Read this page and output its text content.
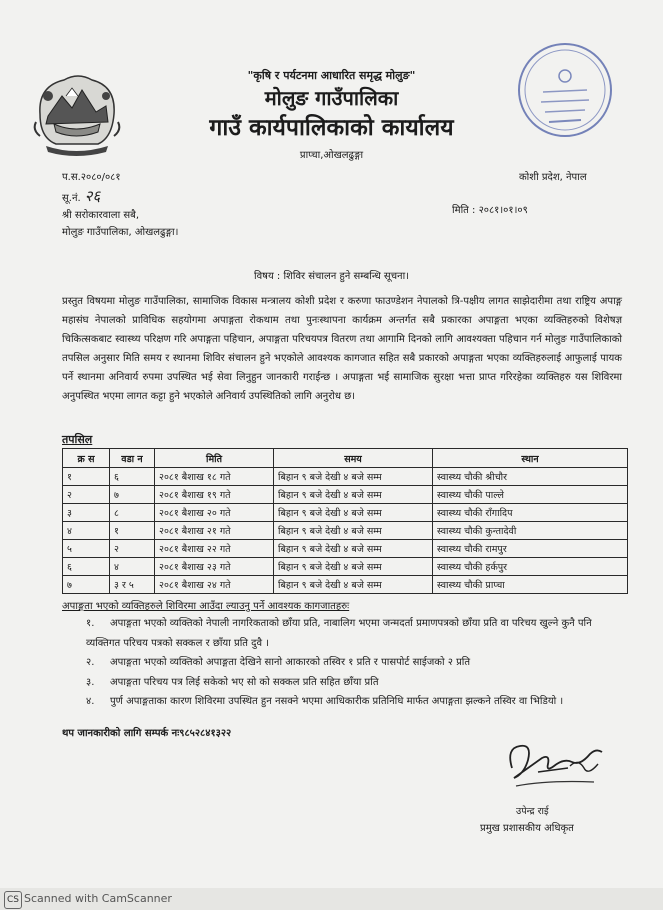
"कृषि र पर्यटनमा आधारित समृद्ध मोलुङ"
मोलुङ गाउँपालिका
गाउँ कार्यपालिकाको कार्यालय
प्राप्चा,ओखलढुङ्गा
प.स.२०८०/०८१	कोशी प्रदेश, नेपाल
सू.नं. २६
श्री सरोकारवाला सबै,
मोलुङ गाउँपालिका, ओखलढुङ्गा।
मिति : २०८१।०१।०९
विषय : शिविर संचालन हुने सम्बन्धि सूचना।
प्रस्तुत विषयमा मोलुङ गाउँपालिका, सामाजिक विकास मन्त्रालय कोशी प्रदेश र करुणा फाउण्डेशन नेपालको त्रि-पक्षीय लागत साझेदारीमा तथा राष्ट्रिय अपाङ्ग महासंघ नेपालको प्राविधिक सहयोगमा अपाङ्गता रोकथाम तथा पुनःस्थापना कार्यक्रम अन्तर्गत सबै प्रकारका अपाङ्गता भएका व्यक्तिहरुको विशेषज्ञ चिकित्सकबाट स्वास्थ्य परिक्षण गरि अपाङ्गता पहिचान, अपाङ्गता परिचयपत्र वितरण तथा आगामि दिनको लागि आवश्यक्ता पहिचान गर्न मोलुङ गाउँपालिकाको तपसिल अनुसार मिति समय र स्थानमा शिविर संचालन हुने भएकोले आवश्यक कागजात सहित सबै प्रकारको अपाङ्गता भएका व्यक्तिहरुलाई आफुलाई पायक पर्ने स्थानमा अनिवार्य रुपमा उपस्थित भई सेवा लिनुहुन जानकारी गराईन्छ । अपाङ्गता भई सामाजिक सुरक्षा भत्ता प्राप्त गरिरहेका व्यक्तिहरु यस शिविरमा अनुपस्थित भएमा लागत कट्टा हुने भएकोले अनिवार्य उपस्थितिको लागि अनुरोध छ।
तपसिल
क्र स	वडा न	मिति	समय	स्थान
१	६	२०८१ बैशाख १८ गते	बिहान ९ बजे देखी ४ बजे सम्म	स्वास्थ्य चौकी श्रीचौर
२	७	२०८१ बैशाख १९ गते	बिहान ९ बजे देखी ४ बजे सम्म	स्वास्थ्य चौकी पाल्ले
३	८	२०८१ बैशाख २० गते	बिहान ९ बजे देखी ४ बजे सम्म	स्वास्थ्य चौकी राँगादिप
४	१	२०८१ बैशाख २१ गते	बिहान ९ बजे देखी ४ बजे सम्म	स्वास्थ्य चौकी कुन्तादेवी
५	२	२०८१ बैशाख २२ गते	बिहान ९ बजे देखी ४ बजे सम्म	स्वास्थ्य चौकी रामपुर
६	४	२०८१ बैशाख २३ गते	बिहान ९ बजे देखी ४ बजे सम्म	स्वास्थ्य चौकी हर्कपुर
७	३ र ५	२०८१ बैशाख २४ गते	बिहान ९ बजे देखी ४ बजे सम्म	स्वास्थ्य चौकी प्राप्चा
अपाङ्गता भएको व्यक्तिहरुले शिविरमा आउँदा ल्याउनु पर्ने आवश्यक कागजातहरुः
१. अपाङ्गता भएको व्यक्तिको नेपाली नागरिकताको छाँया प्रति, नाबालिग भएमा जन्मदर्ता प्रमाणपत्रको छाँया प्रति वा परिचय खुल्ने कुनै पनि व्यक्तिगत परिचय पत्रको सक्कल र छाँया प्रति दुवै ।
२. अपाङ्गता भएको व्यक्तिको अपाङ्गता देखिने सानो आकारको तस्विर १ प्रति र पासपोर्ट साईजको २ प्रति
३. अपाङ्गता परिचय पत्र लिई सकेको भए सो को सक्कल प्रति सहित छाँया प्रति
४. पुर्ण अपाङ्गताका कारण शिविरमा उपस्थित हुन नसक्ने भएमा आधिकारीक प्रतिनिधि मार्फत अपाङ्गता झल्कने तस्विर वा भिडियो ।
थप जानकारीको लागि सम्पर्क नः९८५२८४१३२२
उपेन्द्र राई
प्रमुख प्रशासकीय अधिकृत
CS Scanned with CamScanner
